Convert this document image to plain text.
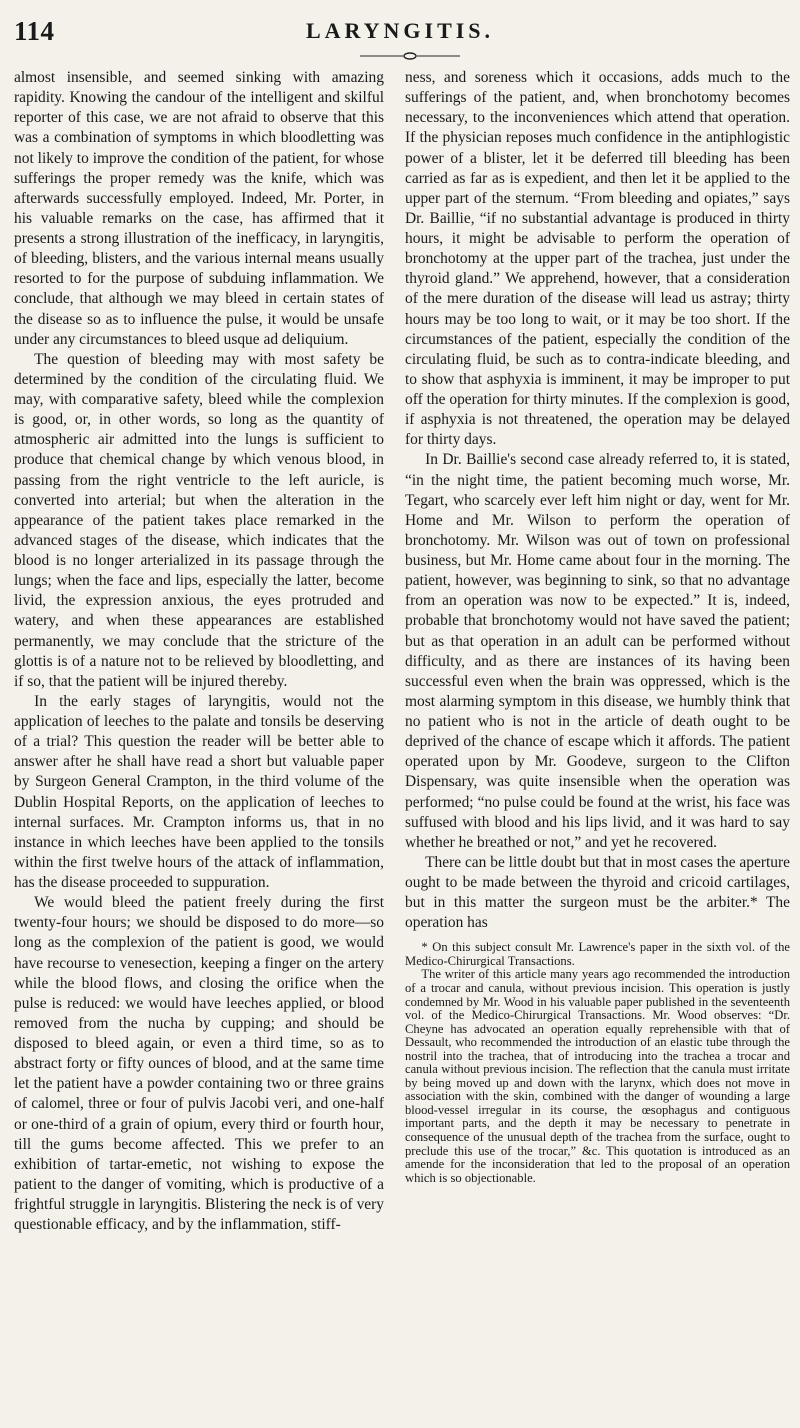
114	LARYNGITIS.

almost insensible, and seemed sinking with amazing rapidity. Knowing the candour of the intelligent and skilful reporter of this case, we are not afraid to observe that this was a combination of symptoms in which bloodletting was not likely to improve the condition of the patient, for whose sufferings the proper remedy was the knife, which was afterwards successfully employed. Indeed, Mr. Porter, in his valuable remarks on the case, has affirmed that it presents a strong illustration of the inefficacy, in laryngitis, of bleeding, blisters, and the various internal means usually resorted to for the purpose of subduing inflammation. We conclude, that although we may bleed in certain states of the disease so as to influence the pulse, it would be unsafe under any circumstances to bleed usque ad deliquium.

The question of bleeding may with most safety be determined by the condition of the circulating fluid. We may, with comparative safety, bleed while the complexion is good, or, in other words, so long as the quantity of atmospheric air admitted into the lungs is sufficient to produce that chemical change by which venous blood, in passing from the right ventricle to the left auricle, is converted into arterial; but when the alteration in the appearance of the patient takes place remarked in the advanced stages of the disease, which indicates that the blood is no longer arterialized in its passage through the lungs; when the face and lips, especially the latter, become livid, the expression anxious, the eyes protruded and watery, and when these appearances are established permanently, we may conclude that the stricture of the glottis is of a nature not to be relieved by bloodletting, and if so, that the patient will be injured thereby.

In the early stages of laryngitis, would not the application of leeches to the palate and tonsils be deserving of a trial? This question the reader will be better able to answer after he shall have read a short but valuable paper by Surgeon General Crampton, in the third volume of the Dublin Hospital Reports, on the application of leeches to internal surfaces. Mr. Crampton informs us, that in no instance in which leeches have been applied to the tonsils within the first twelve hours of the attack of inflammation, has the disease proceeded to suppuration.

We would bleed the patient freely during the first twenty-four hours; we should be disposed to do more—so long as the complexion of the patient is good, we would have recourse to venesection, keeping a finger on the artery while the blood flows, and closing the orifice when the pulse is reduced: we would have leeches applied, or blood removed from the nucha by cupping; and should be disposed to bleed again, or even a third time, so as to abstract forty or fifty ounces of blood, and at the same time let the patient have a powder containing two or three grains of calomel, three or four of pulvis Jacobi veri, and one-half or one-third of a grain of opium, every third or fourth hour, till the gums become affected. This we prefer to an exhibition of tartar-emetic, not wishing to expose the patient to the danger of vomiting, which is productive of a frightful struggle in laryngitis. Blistering the neck is of very questionable efficacy, and by the inflammation, stiff-

ness, and soreness which it occasions, adds much to the sufferings of the patient, and, when bronchotomy becomes necessary, to the inconveniences which attend that operation. If the physician reposes much confidence in the antiphlogistic power of a blister, let it be deferred till bleeding has been carried as far as is expedient, and then let it be applied to the upper part of the sternum. “From bleeding and opiates,” says Dr. Baillie, “if no substantial advantage is produced in thirty hours, it might be advisable to perform the operation of bronchotomy at the upper part of the trachea, just under the thyroid gland.” We apprehend, however, that a consideration of the mere duration of the disease will lead us astray; thirty hours may be too long to wait, or it may be too short. If the circumstances of the patient, especially the condition of the circulating fluid, be such as to contra-indicate bleeding, and to show that asphyxia is imminent, it may be improper to put off the operation for thirty minutes. If the complexion is good, if asphyxia is not threatened, the operation may be delayed for thirty days.

In Dr. Baillie's second case already referred to, it is stated, “in the night time, the patient becoming much worse, Mr. Tegart, who scarcely ever left him night or day, went for Mr. Home and Mr. Wilson to perform the operation of bronchotomy. Mr. Wilson was out of town on professional business, but Mr. Home came about four in the morning. The patient, however, was beginning to sink, so that no advantage from an operation was now to be expected.” It is, indeed, probable that bronchotomy would not have saved the patient; but as that operation in an adult can be performed without difficulty, and as there are instances of its having been successful even when the brain was oppressed, which is the most alarming symptom in this disease, we humbly think that no patient who is not in the article of death ought to be deprived of the chance of escape which it affords. The patient operated upon by Mr. Goodeve, surgeon to the Clifton Dispensary, was quite insensible when the operation was performed; “no pulse could be found at the wrist, his face was suffused with blood and his lips livid, and it was hard to say whether he breathed or not,” and yet he recovered.

There can be little doubt but that in most cases the aperture ought to be made between the thyroid and cricoid cartilages, but in this matter the surgeon must be the arbiter.* The operation has

* On this subject consult Mr. Lawrence's paper in the sixth vol. of the Medico-Chirurgical Transactions.

The writer of this article many years ago recommended the introduction of a trocar and canula, without previous incision. This operation is justly condemned by Mr. Wood in his valuable paper published in the seventeenth vol. of the Medico-Chirurgical Transactions. Mr. Wood observes: “Dr. Cheyne has advocated an operation equally reprehensible with that of Dessault, who recommended the introduction of an elastic tube through the nostril into the trachea, that of introducing into the trachea a trocar and canula without previous incision. The reflection that the canula must irritate by being moved up and down with the larynx, which does not move in association with the skin, combined with the danger of wounding a large blood-vessel irregular in its course, the œsophagus and contiguous important parts, and the depth it may be necessary to penetrate in consequence of the unusual depth of the trachea from the surface, ought to preclude this use of the trocar,” &c. This quotation is introduced as an amende for the inconsideration that led to the proposal of an operation which is so objectionable.
